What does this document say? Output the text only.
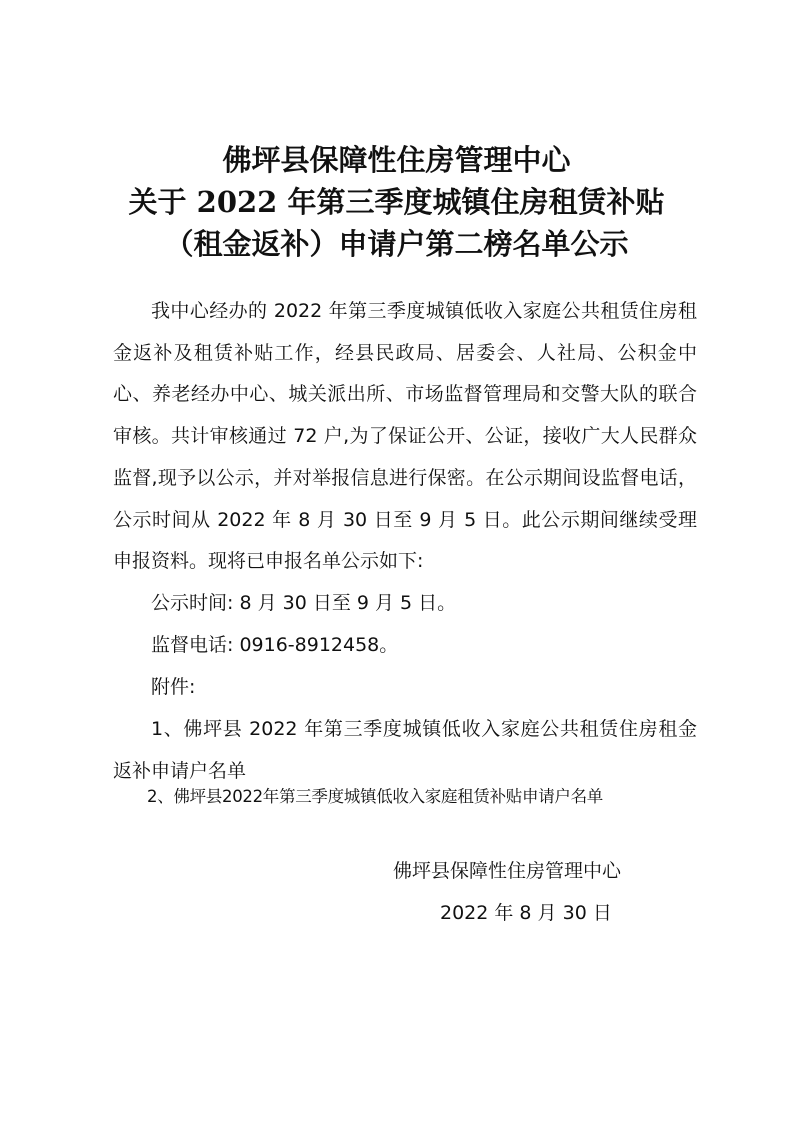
佛坪县保障性住房管理中心
关于 2022 年第三季度城镇住房租赁补贴
（租金返补）申请户第二榜名单公示

我中心经办的 2022 年第三季度城镇低收入家庭公共租赁住房租金返补及租赁补贴工作，经县民政局、居委会、人社局、公积金中心、养老经办中心、城关派出所、市场监督管理局和交警大队的联合审核。共计审核通过 72 户,为了保证公开、公证，接收广大人民群众监督,现予以公示，并对举报信息进行保密。在公示期间设监督电话，公示时间从 2022 年 8 月 30 日至 9 月 5 日。此公示期间继续受理申报资料。现将已申报名单公示如下:

公示时间: 8 月 30 日至 9 月 5 日。

监督电话: 0916-8912458。

附件:

1、佛坪县 2022 年第三季度城镇低收入家庭公共租赁住房租金返补申请户名单

2、佛坪县2022年第三季度城镇低收入家庭租赁补贴申请户名单

佛坪县保障性住房管理中心

2022 年 8 月 30 日
